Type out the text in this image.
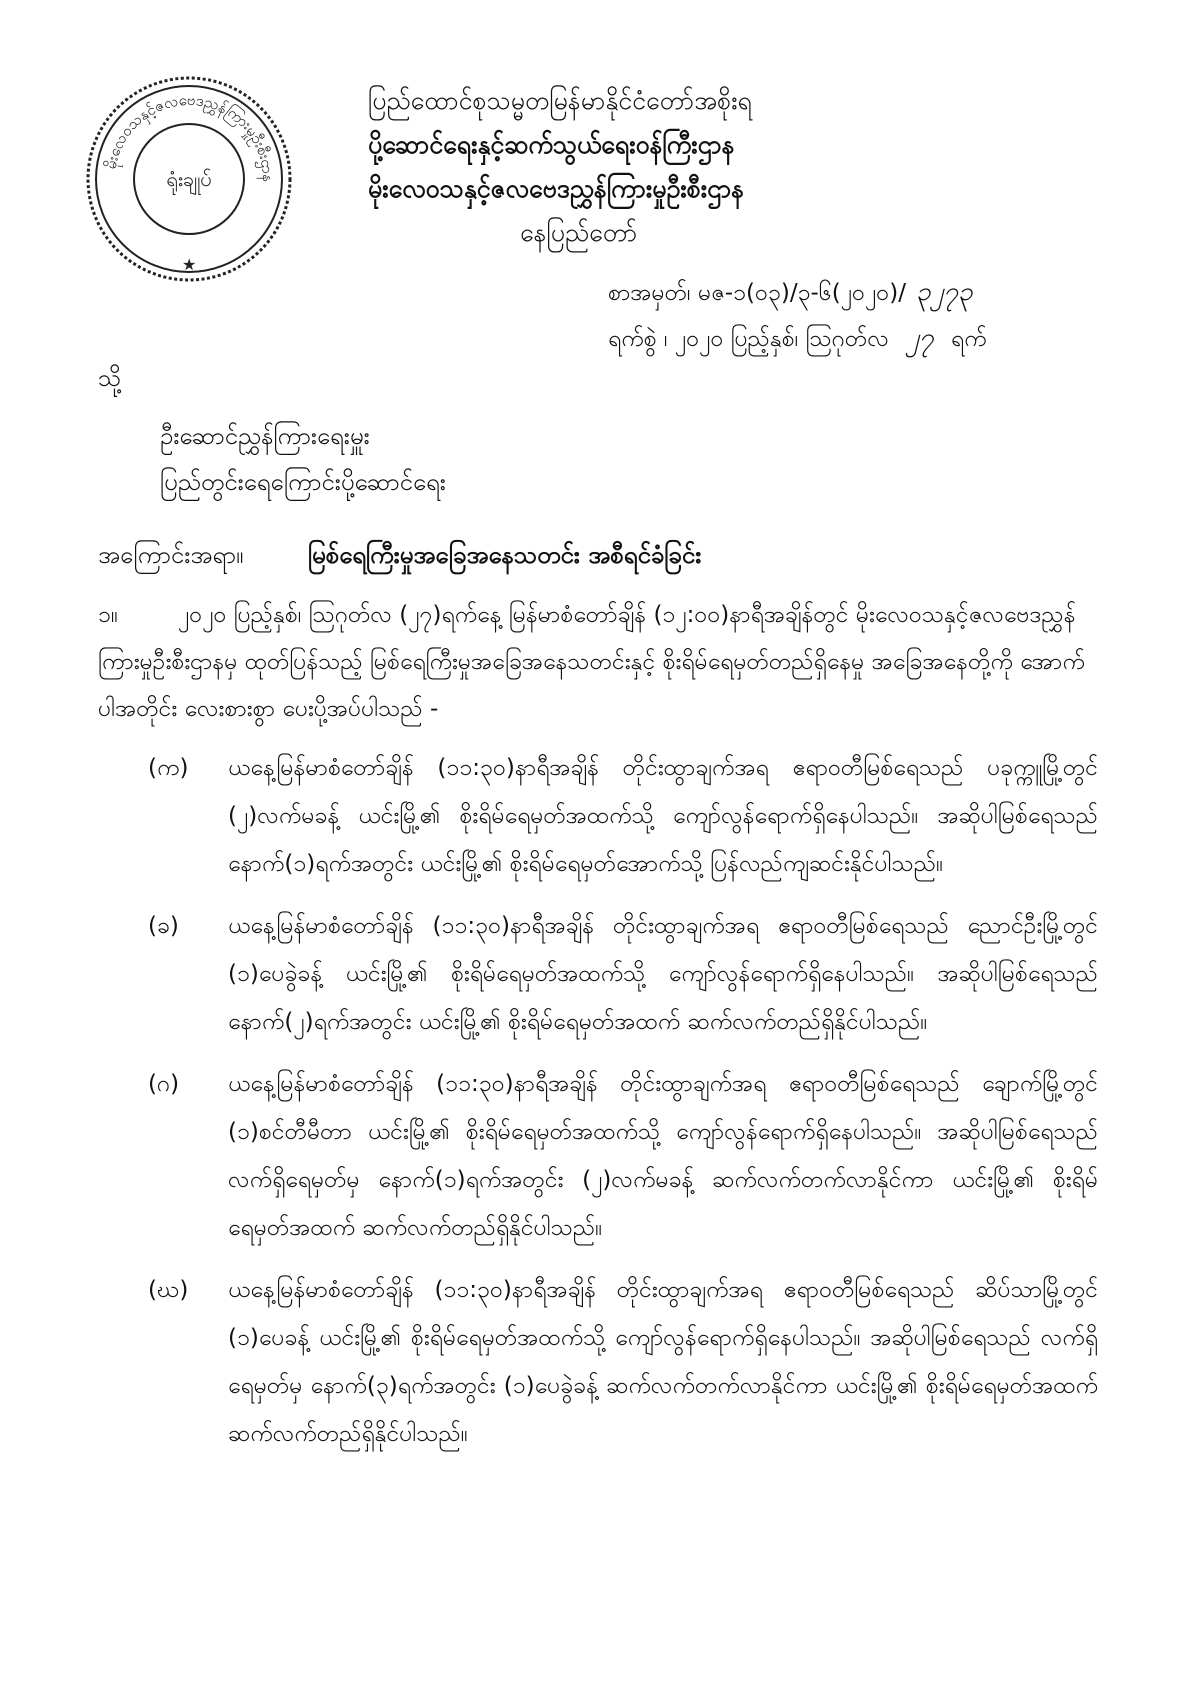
မိုးလေဝသနှင့်ဇလဗေဒညွှန်ကြားမှုဦးစီးဌာန
ရုံးချုပ်
★
ပြည်ထောင်စုသမ္မတမြန်မာနိုင်ငံတော်အစိုးရ
ပို့ဆောင်ရေးနှင့်ဆက်သွယ်ရေးဝန်ကြီးဌာန
မိုးလေဝသနှင့်ဇလဗေဒညွှန်ကြားမှုဦးစီးဌာန
နေပြည်တော်
စာအမှတ်၊ မဇ-၁(၀၃)/၃-၆(၂၀၂၀)/ ၃၂၇၃
ရက်စွဲ ၊ ၂၀၂၀ ပြည့်နှစ်၊ ဩဂုတ်လ ၂၇ ရက်
သို့
ဦးဆောင်ညွှန်ကြားရေးမှူး
ပြည်တွင်းရေကြောင်းပို့ဆောင်ရေး
အကြောင်းအရာ။	မြစ်ရေကြီးမှုအခြေအနေသတင်း အစီရင်ခံခြင်း
၁။	၂၀၂၀ ပြည့်နှစ်၊ ဩဂုတ်လ (၂၇)ရက်နေ့ မြန်မာစံတော်ချိန် (၁၂:၀၀)နာရီအချိန်တွင် မိုးလေဝသနှင့်ဇလဗေဒညွှန်ကြားမှုဦးစီးဌာနမှ ထုတ်ပြန်သည့် မြစ်ရေကြီးမှုအခြေအနေသတင်းနှင့် စိုးရိမ်ရေမှတ်တည်ရှိနေမှု အခြေအနေတို့ကို အောက်ပါအတိုင်း လေးစားစွာ ပေးပို့အပ်ပါသည် -
(က)	ယနေ့မြန်မာစံတော်ချိန် (၁၁:၃၀)နာရီအချိန် တိုင်းထွာချက်အရ ဧရာဝတီမြစ်ရေသည် ပခုက္ကူမြို့တွင် (၂)လက်မခန့် ယင်းမြို့၏ စိုးရိမ်ရေမှတ်အထက်သို့ ကျော်လွန်ရောက်ရှိနေပါသည်။ အဆိုပါမြစ်ရေသည် နောက်(၁)ရက်အတွင်း ယင်းမြို့၏ စိုးရိမ်ရေမှတ်အောက်သို့ ပြန်လည်ကျဆင်းနိုင်ပါသည်။
(ခ)	ယနေ့မြန်မာစံတော်ချိန် (၁၁:၃၀)နာရီအချိန် တိုင်းထွာချက်အရ ဧရာဝတီမြစ်ရေသည် ညောင်ဦးမြို့တွင် (၁)ပေခွဲခန့် ယင်းမြို့၏ စိုးရိမ်ရေမှတ်အထက်သို့ ကျော်လွန်ရောက်ရှိနေပါသည်။ အဆိုပါမြစ်ရေသည် နောက်(၂)ရက်အတွင်း ယင်းမြို့၏ စိုးရိမ်ရေမှတ်အထက် ဆက်လက်တည်ရှိနိုင်ပါသည်။
(ဂ)	ယနေ့မြန်မာစံတော်ချိန် (၁၁:၃၀)နာရီအချိန် တိုင်းထွာချက်အရ ဧရာဝတီမြစ်ရေသည် ချောက်မြို့တွင် (၁)စင်တီမီတာ ယင်းမြို့၏ စိုးရိမ်ရေမှတ်အထက်သို့ ကျော်လွန်ရောက်ရှိနေပါသည်။ အဆိုပါမြစ်ရေသည် လက်ရှိရေမှတ်မှ နောက်(၁)ရက်အတွင်း (၂)လက်မခန့် ဆက်လက်တက်လာနိုင်ကာ ယင်းမြို့၏ စိုးရိမ်ရေမှတ်အထက် ဆက်လက်တည်ရှိနိုင်ပါသည်။
(ဃ)	ယနေ့မြန်မာစံတော်ချိန် (၁၁:၃၀)နာရီအချိန် တိုင်းထွာချက်အရ ဧရာဝတီမြစ်ရေသည် ဆိပ်သာမြို့တွင် (၁)ပေခန့် ယင်းမြို့၏ စိုးရိမ်ရေမှတ်အထက်သို့ ကျော်လွန်ရောက်ရှိနေပါသည်။ အဆိုပါမြစ်ရေသည် လက်ရှိရေမှတ်မှ နောက်(၃)ရက်အတွင်း (၁)ပေခွဲခန့် ဆက်လက်တက်လာနိုင်ကာ ယင်းမြို့၏ စိုးရိမ်ရေမှတ်အထက် ဆက်လက်တည်ရှိနိုင်ပါသည်။
